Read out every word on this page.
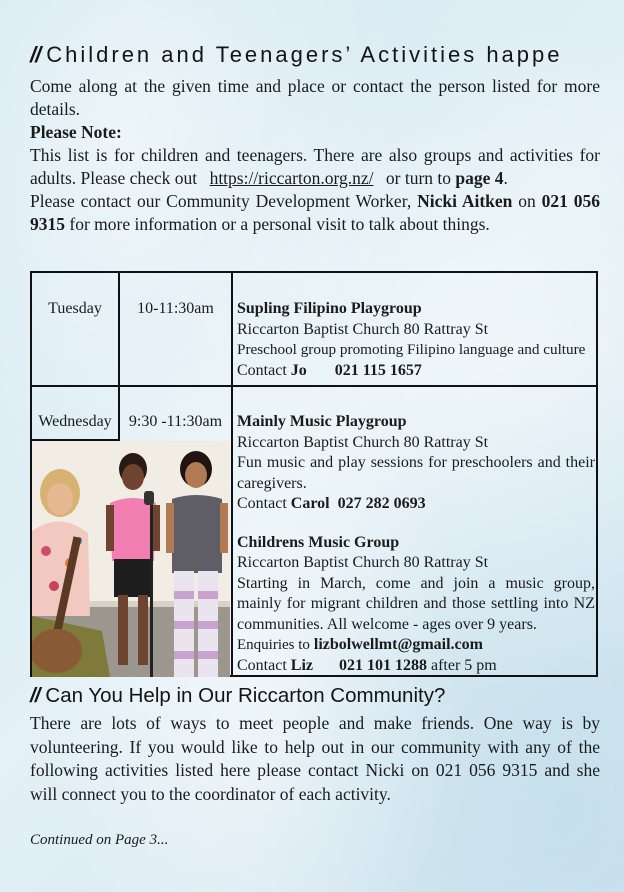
// Children and Teenagers’ Activities happe

Come along at the given time and place or contact the person listed for more details.

Please Note:

This list is for children and teenagers. There are also groups and activities for adults. Please check out https://riccarton.org.nz/ or turn to page 4.

Please contact our Community Development Worker, Nicki Aitken on 021 056 9315 for more information or a personal visit to talk about things.

Tuesday	10-11:30am	Supling Filipino Playgroup
Riccarton Baptist Church 80 Rattray St
Preschool group promoting Filipino language and culture
Contact Jo 021 115 1657
Wednesday	9:30 -11:30am Mainly Music Playgroup
Riccarton Baptist Church 80 Rattray St
Fun music and play sessions for preschoolers and their caregivers.
Contact Carol 027 282 0693
Childrens Music Group
Riccarton Baptist Church 80 Rattray St
Starting in March, come and join a music group, mainly for migrant children and those settling into NZ communities. All welcome - ages over 9 years.
Enquiries to lizbolwellmt@gmail.com
Contact Liz 021 101 1288 after 5 pm
// Can You Help in Our Riccarton Community?

There are lots of ways to meet people and make friends. One way is by volunteering. If you would like to help out in our community with any of the following activities listed here please contact Nicki on 021 056 9315 and she will connect you to the coordinator of each activity.

Continued on Page 3...
